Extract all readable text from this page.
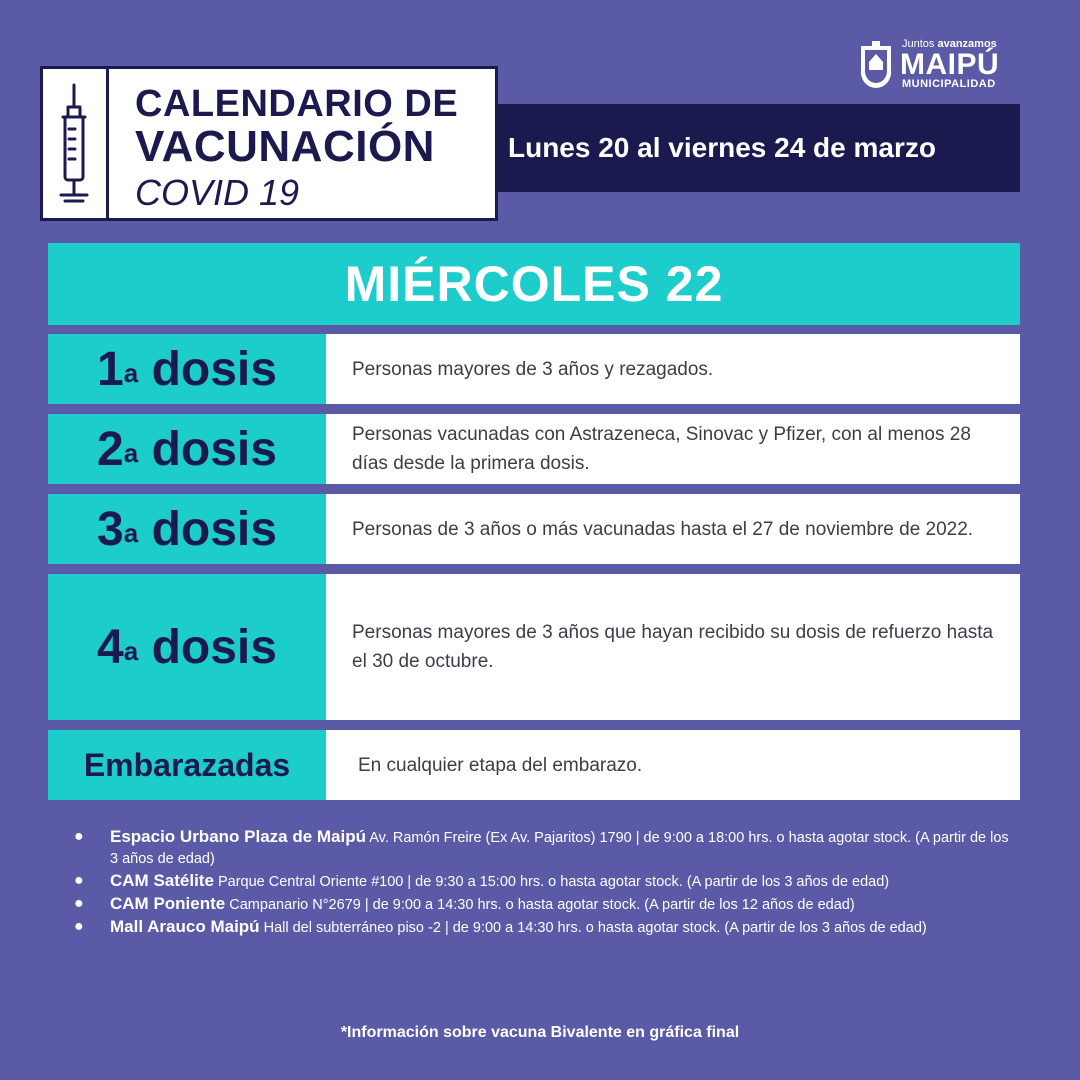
CALENDARIO DE
VACUNACIÓN
COVID 19
Lunes 20 al viernes 24 de marzo
Juntos avanzamos
MAIPÚ
MUNICIPALIDAD
MIÉRCOLES 22
1$^a$
dosis	Personas mayores de 3 años y rezagados.
2$^a$
dosis	Personas vacunadas con Astrazeneca, Sinovac y Pfizer, con al menos 28 días desde la primera dosis.
3$^a$
dosis	Personas de 3 años o más vacunadas hasta el 27 de noviembre de 2022.
4$^a$
dosis	Personas mayores de 3 años que hayan recibido su dosis de refuerzo hasta el 30 de octubre.
Embarazadas	En cualquier etapa del embarazo.
● Espacio Urbano Plaza de Maipú Av. Ramón Freire (Ex Av. Pajaritos) 1790 | de 9:00 a 18:00 hrs. o hasta agotar stock. (A partir de los 3 años de edad)
● CAM Satélite Parque Central Oriente #100 | de 9:30 a 15:00 hrs. o hasta agotar stock. (A partir de los 3 años de edad)
● CAM Poniente Campanario N°2679 | de 9:00 a 14:30 hrs. o hasta agotar stock. (A partir de los 12 años de edad)
● Mall Arauco Maipú Hall del subterráneo piso -2 | de 9:00 a 14:30 hrs. o hasta agotar stock. (A partir de los 3 años de edad)
*Información sobre vacuna Bivalente en gráfica final
